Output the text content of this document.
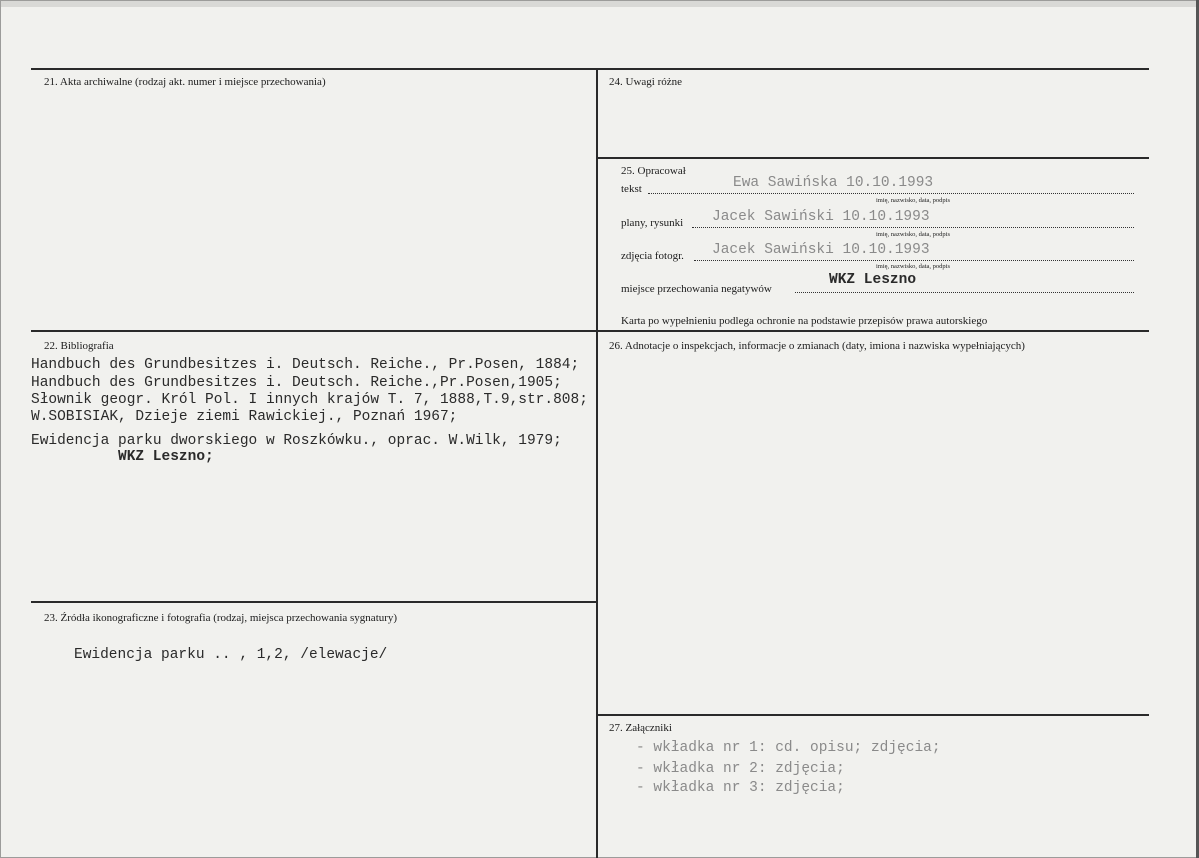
21. Akta archiwalne (rodzaj akt. numer i miejsce przechowania)	24. Uwagi różne
25. Opracował
tekst	Ewa Sawińska 10.10.1993
imię, nazwisko, data, podpis
plany, rysunki Jacek Sawiński 10.10.1993
imię, nazwisko, data, podpis
zdjęcia fotogr. Jacek Sawiński 10.10.1993
imię, nazwisko, data, podpis
miejsce przechowania negatywów
WKZ Leszno
Karta po wypełnieniu podlega ochronie na podstawie przepisów prawa autorskiego
22. Bibliografia
Handbuch des Grundbesitzes i. Deutsch. Reiche., Pr.Posen, 1884;
Handbuch des Grundbesitzes i. Deutsch. Reiche.,Pr.Posen,1905;
Słownik geogr. Król Pol. I innych krajów T. 7, 1888,T.9,str.808;
W.SOBISIAK, Dzieje ziemi Rawickiej., Poznań 1967;
Ewidencja parku dworskiego w Roszkówku., oprac. W.Wilk, 1979;
WKZ Leszno;
23. Źródła ikonograficzne i fotografia (rodzaj, miejsca przechowania sygnatury)
Ewidencja parku .. , 1,2, /elewacje/
26. Adnotacje o inspekcjach, informacje o zmianach (daty, imiona i nazwiska wypełniających)
27. Załączniki
- wkładka nr 1: cd. opisu; zdjęcia;
- wkładka nr 2: zdjęcia;
- wkładka nr 3: zdjęcia;
